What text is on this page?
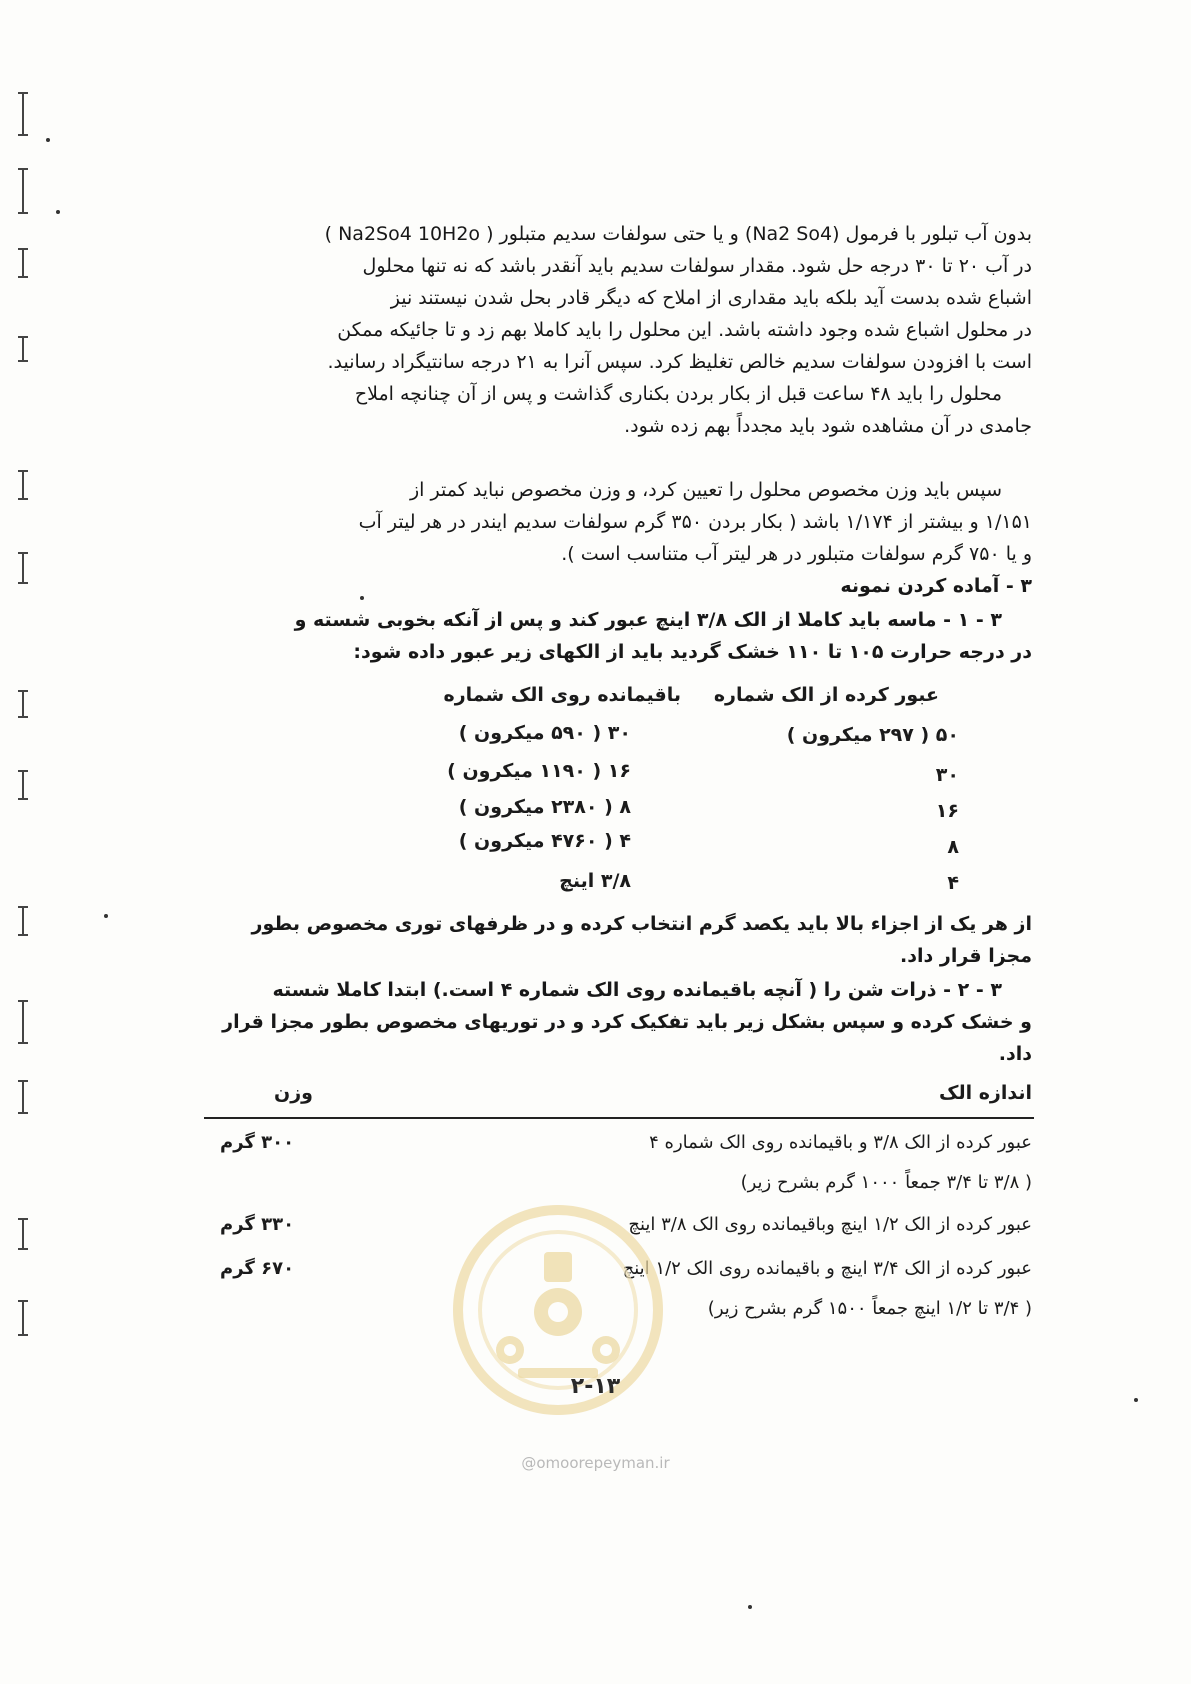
بدون آب تبلور با فرمول (Na2 So4) و یا حتی سولفات سدیم متبلور ( Na2So4 10H2o )
در آب ۲۰ تا ۳۰ درجه حل شود. مقدار سولفات سدیم باید آنقدر باشد که نه تنها محلول
اشباع شده بدست آید بلکه باید مقداری از املاح که دیگر قادر بحل شدن نیستند نیز
در محلول اشباع شده وجود داشته باشد. این محلول را باید کاملا بهم زد و تا جائیکه ممکن
است با افزودن سولفات سدیم خالص تغلیظ کرد. سپس آنرا به ۲۱ درجه سانتیگراد رسانید.
محلول را باید ۴۸ ساعت قبل از بکار بردن بکناری گذاشت و پس از آن چنانچه املاح
جامدی در آن مشاهده شود باید مجدداً بهم زده شود.
سپس باید وزن مخصوص محلول را تعیین کرد، و وزن مخصوص نباید کمتر از
۱/۱۵۱ و بیشتر از ۱/۱۷۴ باشد ( بکار بردن ۳۵۰ گرم سولفات سدیم ایندر در هر لیتر آب
و یا ۷۵۰ گرم سولفات متبلور در هر لیتر آب متناسب است ).
۳ - آماده کردن نمونه
۳ - ۱ - ماسه باید کاملا از الک ۳/۸ اینچ عبور کند و پس از آنکه بخوبی شسته و
در درجه حرارت ۱۰۵ تا ۱۱۰ خشک گردید باید از الکهای زیر عبور داده شود:
عبور کرده از الک شماره
باقیمانده روی الک شماره
۵۰ ( ۲۹۷ میکرون )
۳۰ ( ۵۹۰ میکرون )
۳۰
۱۶ ( ۱۱۹۰ میکرون )
۱۶
۸ ( ۲۳۸۰ میکرون )
۸
۴ ( ۴۷۶۰ میکرون )
۴
۳/۸ اینچ
از هر یک از اجزاء بالا باید یکصد گرم انتخاب کرده و در ظرفهای توری مخصوص بطور
مجزا قرار داد.
۳ - ۲ - ذرات شن را ( آنچه باقیمانده روی الک شماره ۴ است.) ابتدا کاملا شسته
و خشک کرده و سپس بشکل زیر باید تفکیک کرد و در توریهای مخصوص بطور مجزا قرار
داد.
اندازه الک
وزن
عبور کرده از الک ۳/۸ و باقیمانده روی الک شماره ۴
۳۰۰ گرم
( ۳/۸ تا ۳/۴ جمعاً ۱۰۰۰ گرم بشرح زیر)
عبور کرده از الک ۱/۲ اینچ وباقیمانده روی الک ۳/۸ اینچ
۳۳۰ گرم
عبور کرده از الک ۳/۴ اینچ و باقیمانده روی الک ۱/۲ اینچ
۶۷۰ گرم
( ۳/۴ تا ۱/۲ اینچ جمعاً ۱۵۰۰ گرم بشرح زیر)
۲-۱۳
@omoorepeyman.ir
